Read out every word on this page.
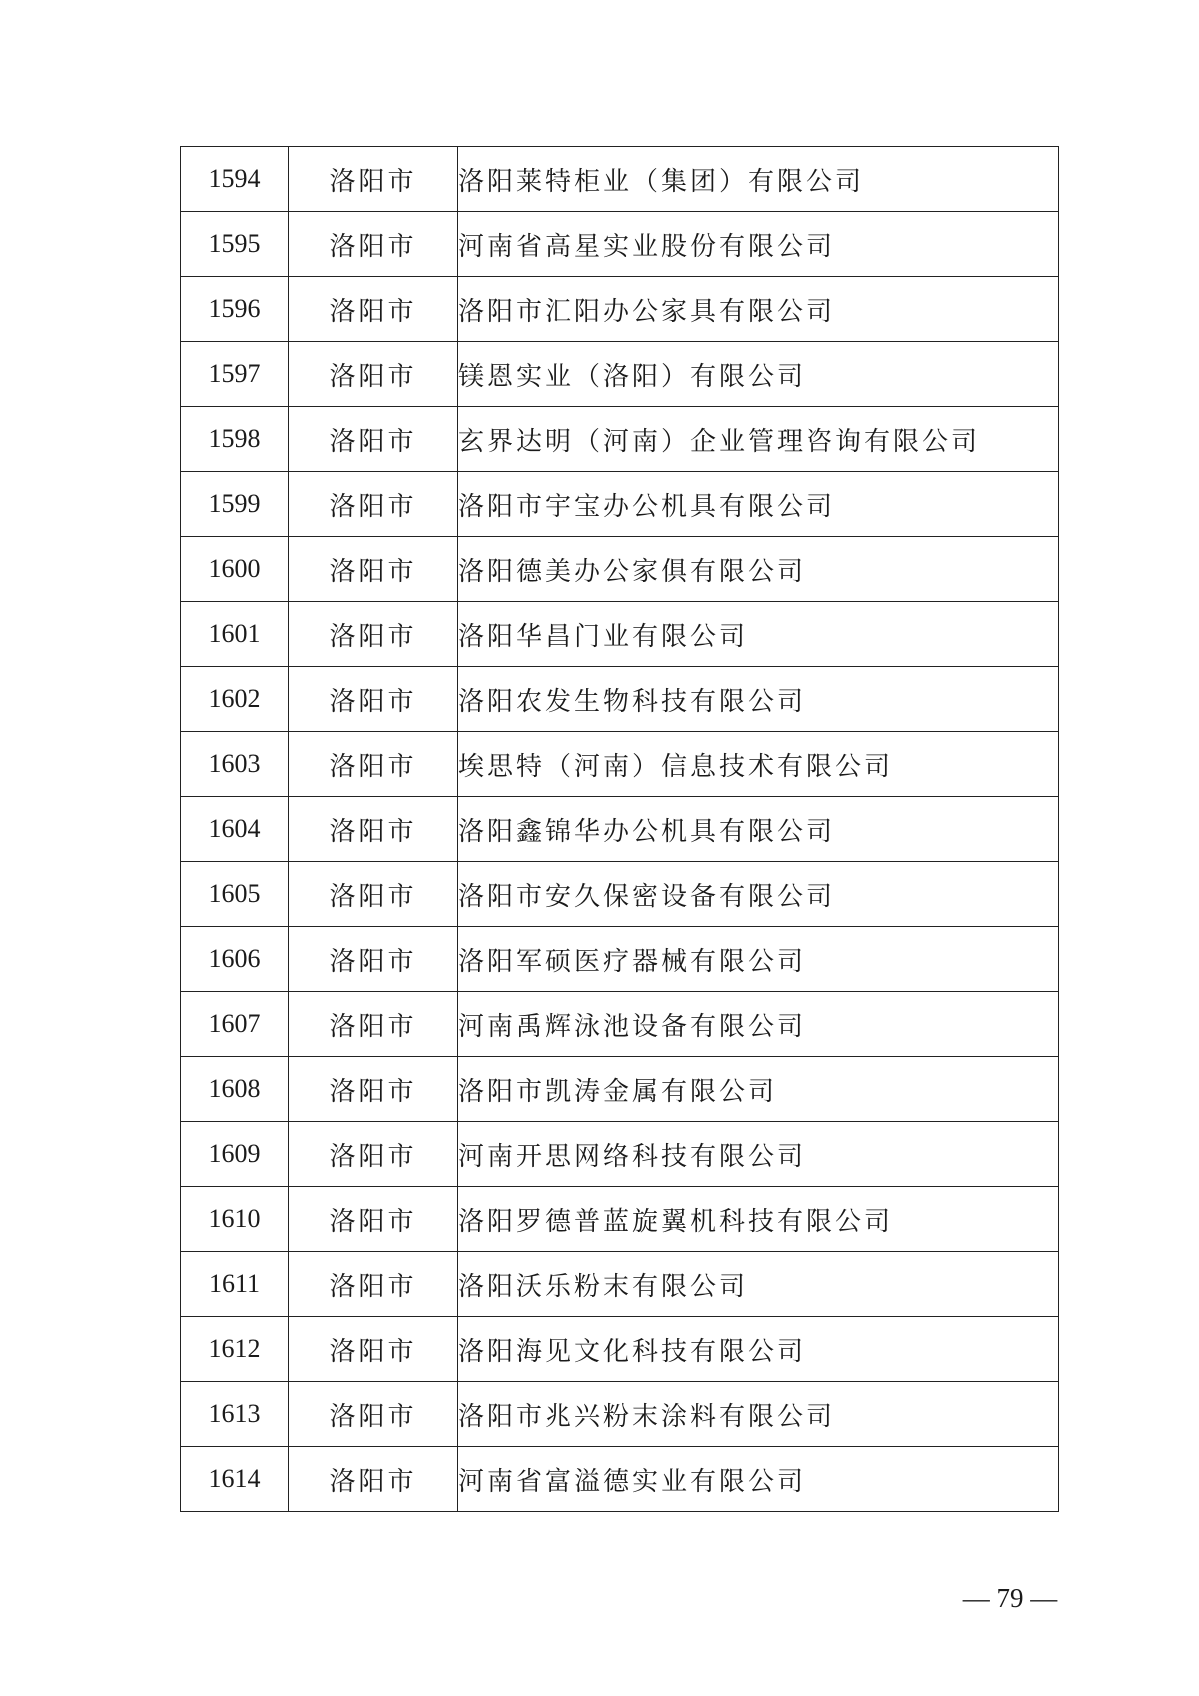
1594	洛阳市	洛阳莱特柜业（集团）有限公司
1595	洛阳市	河南省高星实业股份有限公司
1596	洛阳市	洛阳市汇阳办公家具有限公司
1597	洛阳市	镁恩实业（洛阳）有限公司
1598	洛阳市	玄界达明（河南）企业管理咨询有限公司
1599	洛阳市	洛阳市宇宝办公机具有限公司
1600	洛阳市	洛阳德美办公家俱有限公司
1601	洛阳市	洛阳华昌门业有限公司
1602	洛阳市	洛阳农发生物科技有限公司
1603	洛阳市	埃思特（河南）信息技术有限公司
1604	洛阳市	洛阳鑫锦华办公机具有限公司
1605	洛阳市	洛阳市安久保密设备有限公司
1606	洛阳市	洛阳军硕医疗器械有限公司
1607	洛阳市	河南禹辉泳池设备有限公司
1608	洛阳市	洛阳市凯涛金属有限公司
1609	洛阳市	河南开思网络科技有限公司
1610	洛阳市	洛阳罗德普蓝旋翼机科技有限公司
1611	洛阳市	洛阳沃乐粉末有限公司
1612	洛阳市	洛阳海见文化科技有限公司
1613	洛阳市	洛阳市兆兴粉末涂料有限公司
1614	洛阳市	河南省富溢德实业有限公司
— 79 —
